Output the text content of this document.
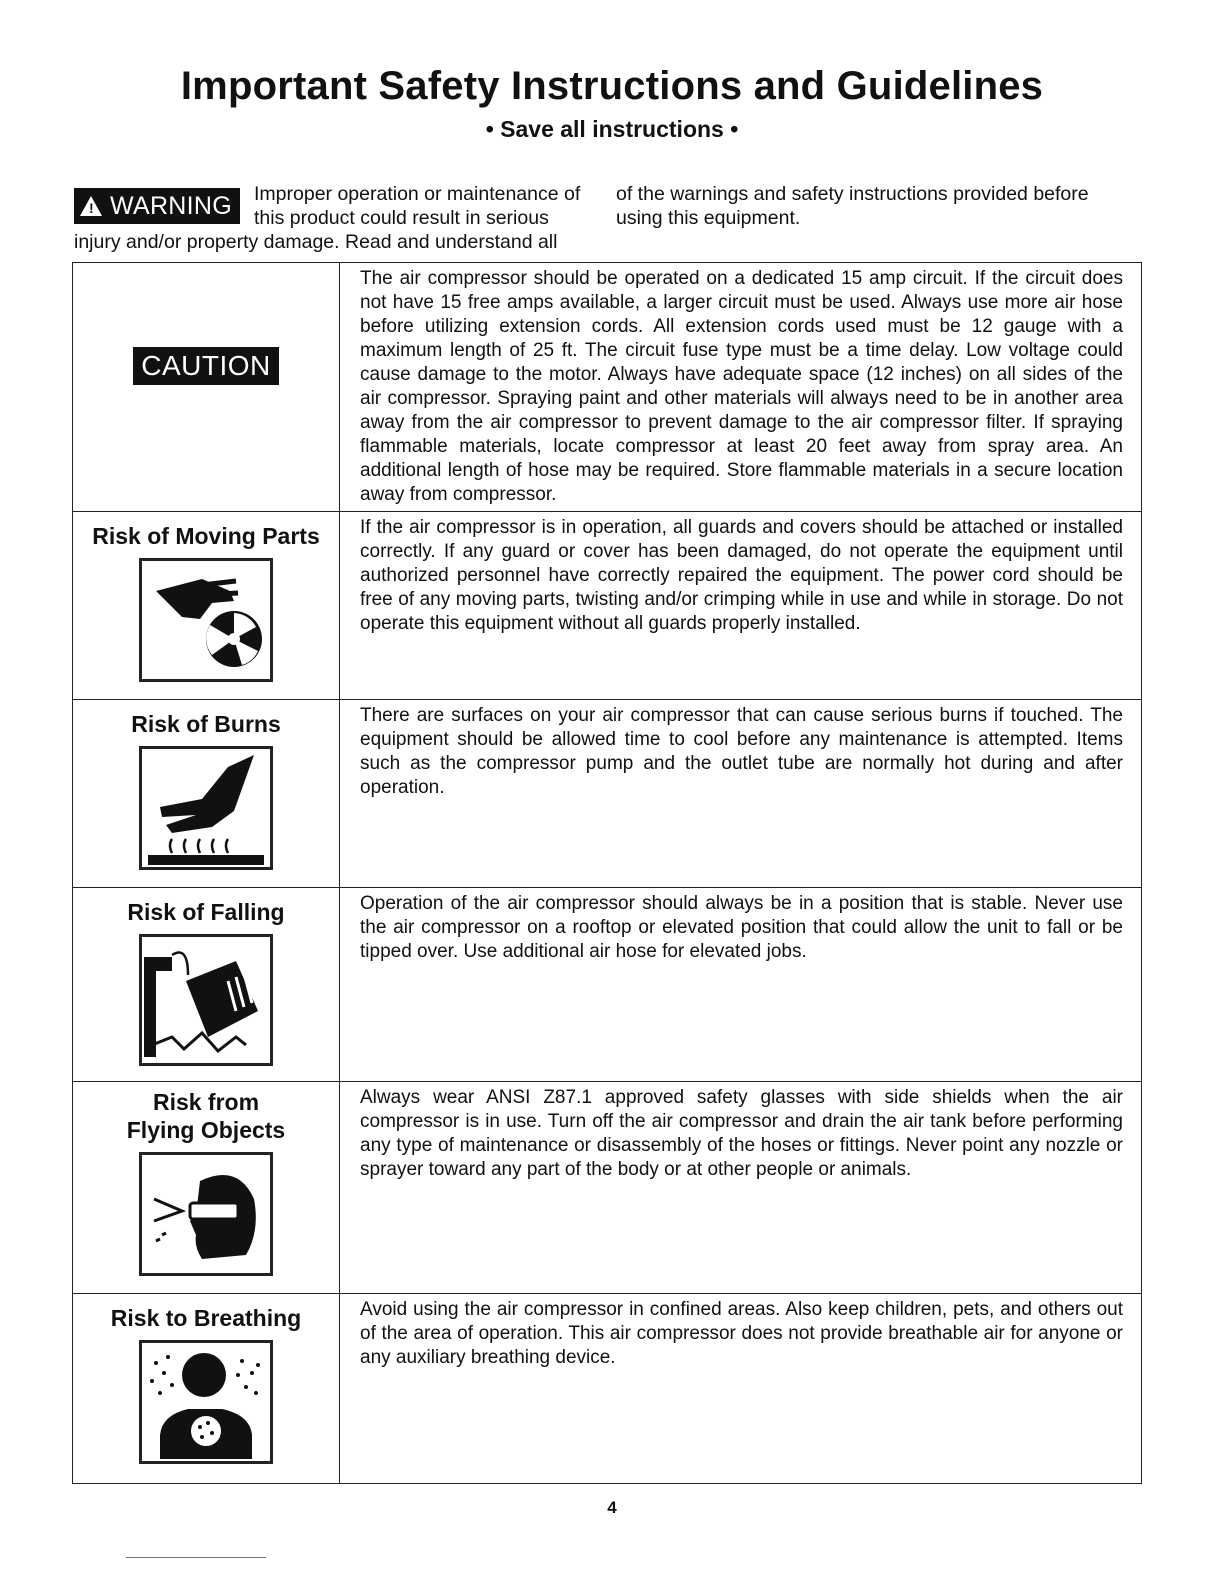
Important Safety Instructions and Guidelines
• Save all instructions •
! WARNING	Improper operation or maintenance of this product could result in serious injury and/or property damage. Read and understand all
of the warnings and safety instructions provided before using this equipment.
CAUTION	The air compressor should be operated on a dedicated 15 amp circuit. If the circuit does not have 15 free amps available, a larger circuit must be used. Always use more air hose before utilizing extension cords. All extension cords used must be 12 gauge with a maximum length of 25 ft. The circuit fuse type must be a time delay. Low voltage could cause damage to the motor. Always have adequate space (12 inches) on all sides of the air compressor. Spraying paint and other materials will always need to be in another area away from the air compressor to prevent damage to the air compressor filter. If spraying flammable materials, locate compressor at least 20 feet away from spray area. An additional length of hose may be required. Store flammable materials in a secure location away from compressor.

Risk of Moving Parts	If the air compressor is in operation, all guards and covers should be attached or installed correctly. If any guard or cover has been damaged, do not operate the equipment until authorized personnel have correctly repaired the equipment. The power cord should be free of any moving parts, twisting and/or crimping while in use and while in storage. Do not operate this equipment without all guards properly installed.

Risk of Burns	There are surfaces on your air compressor that can cause serious burns if touched. The equipment should be allowed time to cool before any maintenance is attempted. Items such as the compressor pump and the outlet tube are normally hot during and after operation.

Risk of Falling	Operation of the air compressor should always be in a position that is stable. Never use the air compressor on a rooftop or elevated position that could allow the unit to fall or be tipped over. Use additional air hose for elevated jobs.

Risk from
Flying Objects	Always wear ANSI Z87.1 approved safety glasses with side shields when the air compressor is in use. Turn off the air compressor and drain the air tank before performing any type of maintenance or disassembly of the hoses or fittings. Never point any nozzle or sprayer toward any part of the body or at other people or animals.

Risk to Breathing	Avoid using the air compressor in confined areas. Also keep children, pets, and others out of the area of operation. This air compressor does not provide breathable air for anyone or any auxiliary breathing device.
4
